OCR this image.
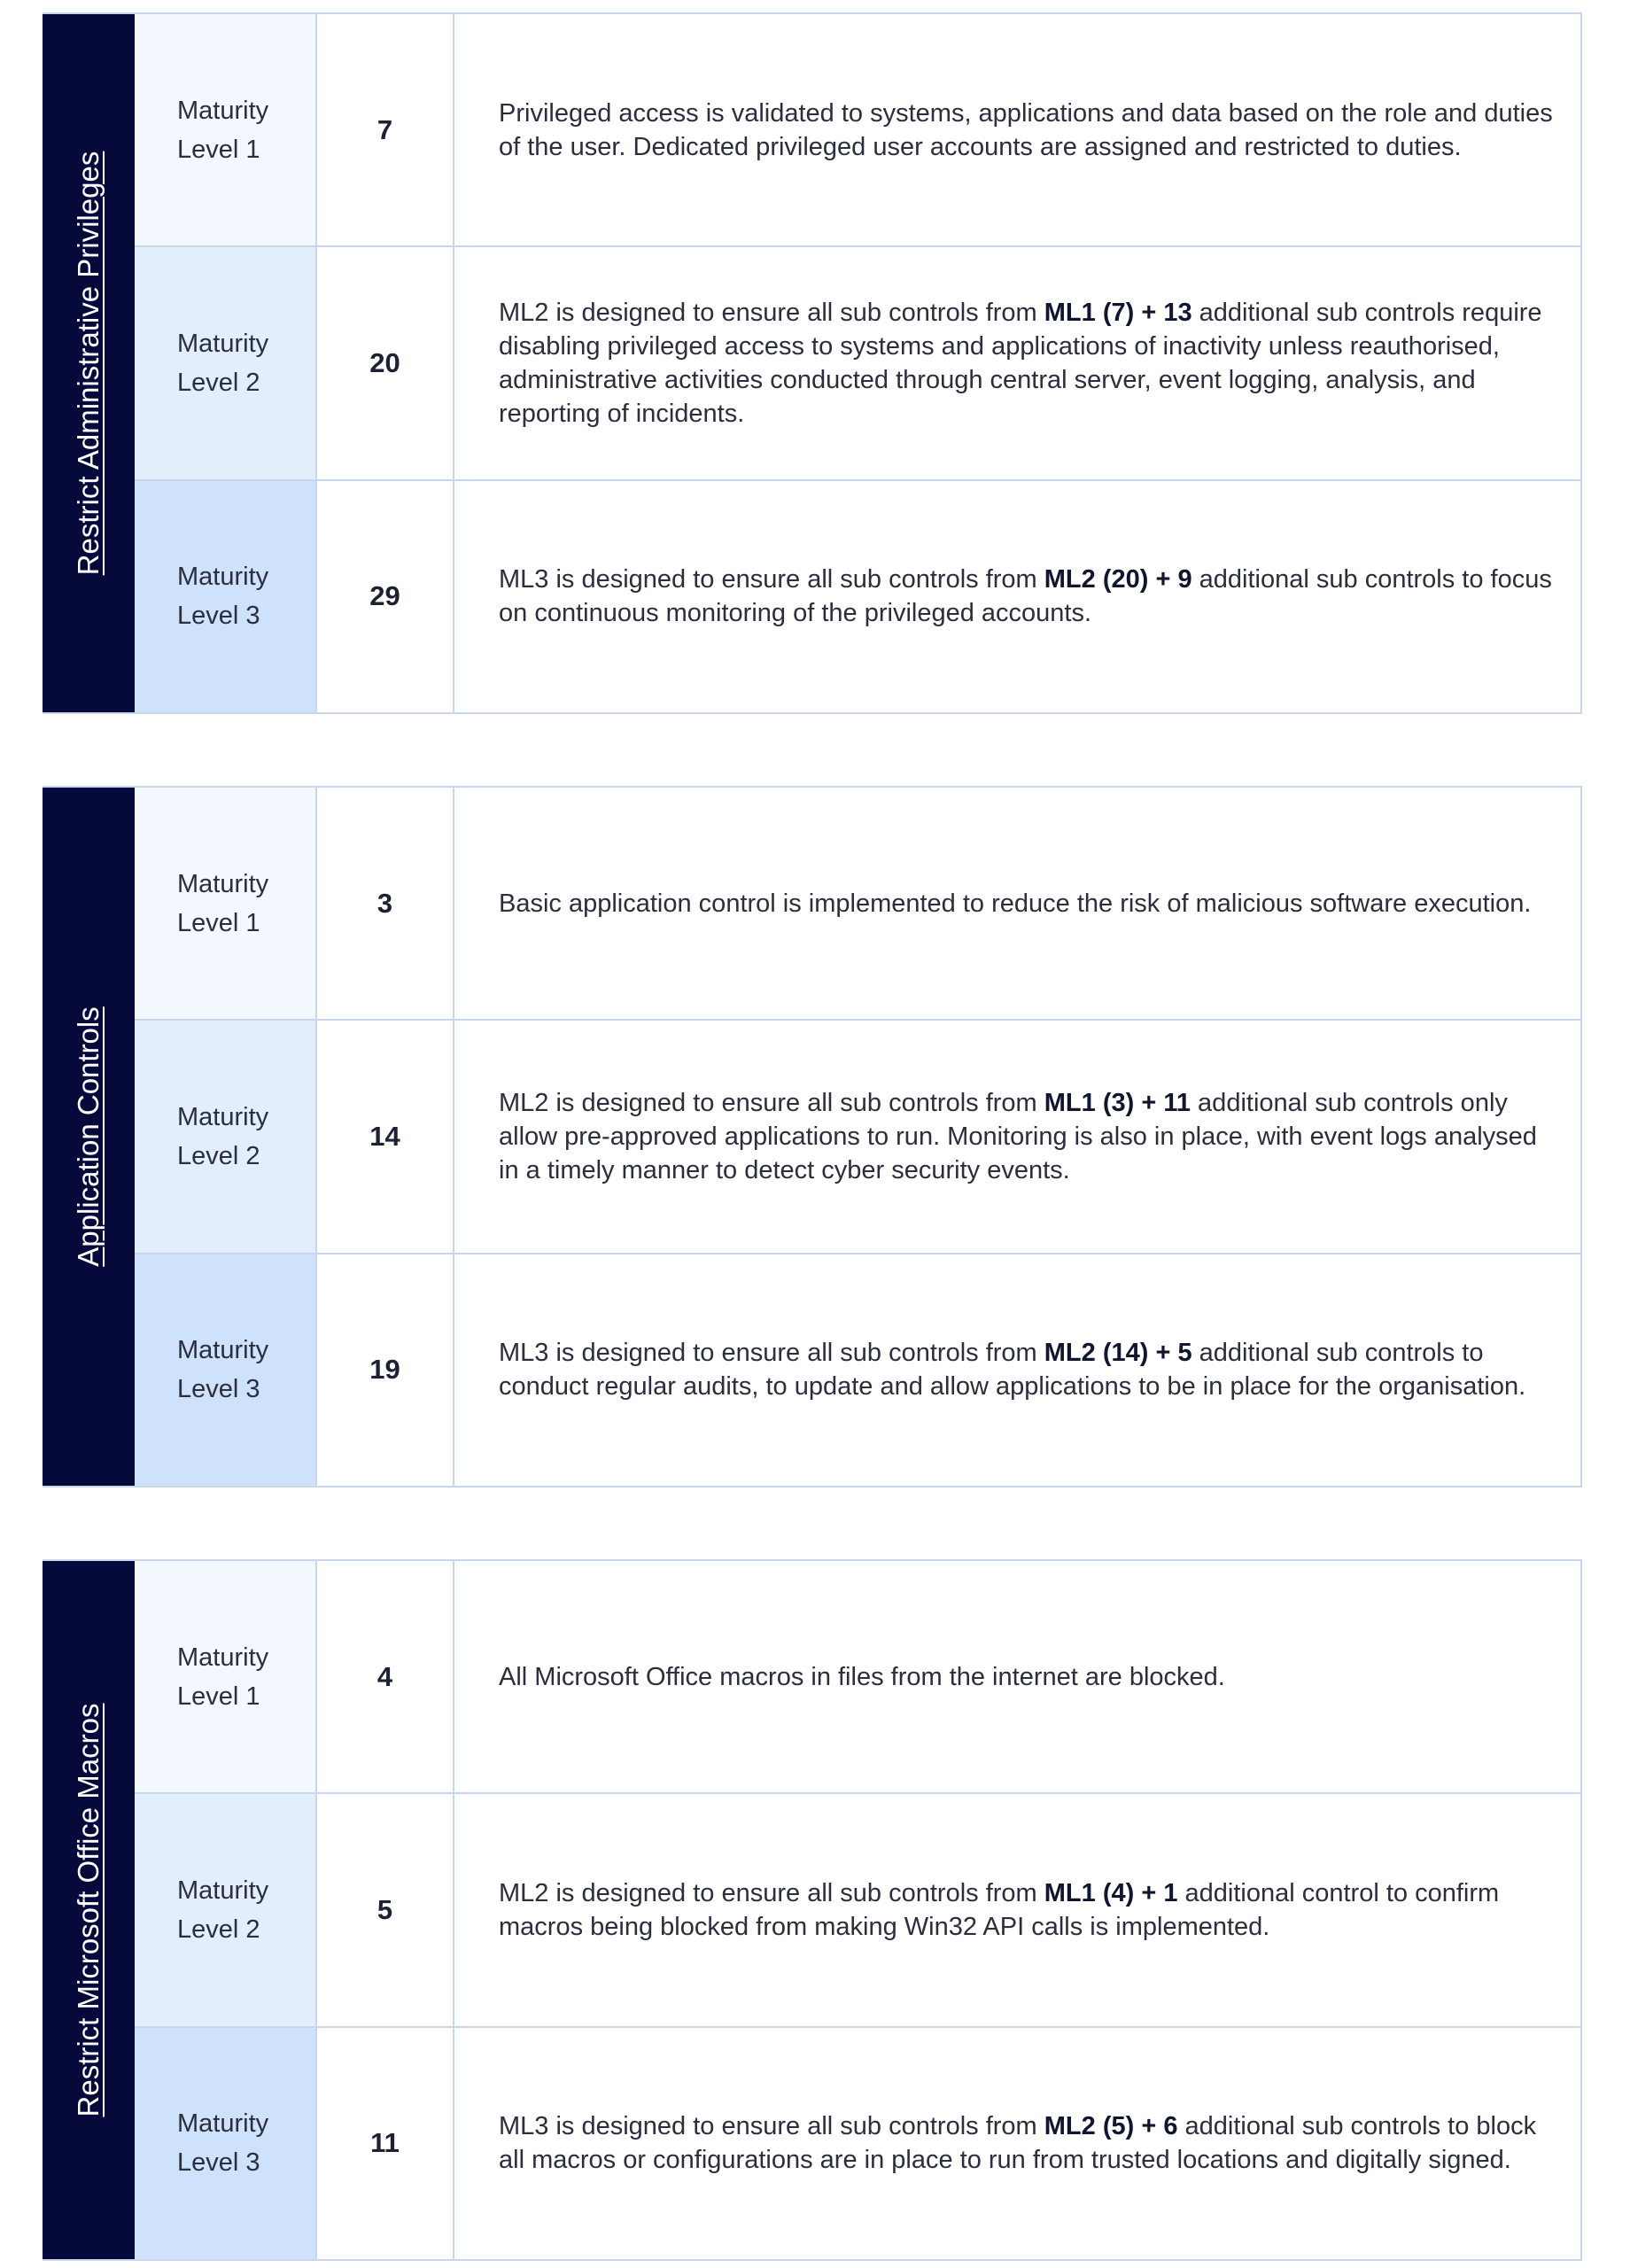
Restrict Administrative Privileges
Maturity
Level 1
7
Privileged access is validated to systems, applications and data based on the role and duties of the user. Dedicated privileged user accounts are assigned and restricted to duties.
Maturity
Level 2
20
ML2 is designed to ensure all sub controls from ML1 (7) + 13 additional sub controls require disabling privileged access to systems and applications of inactivity unless reauthorised, administrative activities conducted through central server, event logging, analysis, and reporting of incidents.
Maturity
Level 3
29
ML3 is designed to ensure all sub controls from ML2 (20) + 9 additional sub controls to focus on continuous monitoring of the privileged accounts.
Application Controls
Maturity
Level 1
3	Basic application control is implemented to reduce the risk of malicious software execution.
Maturity
Level 2
14
ML2 is designed to ensure all sub controls from ML1 (3) + 11 additional sub controls only allow pre-approved applications to run. Monitoring is also in place, with event logs analysed in a timely manner to detect cyber security events.
Maturity
Level 3
19
ML3 is designed to ensure all sub controls from ML2 (14) + 5 additional sub controls to conduct regular audits, to update and allow applications to be in place for the organisation.
Restrict Microsoft Office Macros
Maturity
Level 1
4	All Microsoft Office macros in files from the internet are blocked.
Maturity
Level 2
5
ML2 is designed to ensure all sub controls from ML1 (4) + 1 additional control to confirm macros being blocked from making Win32 API calls is implemented.
Maturity
Level 3
11
ML3 is designed to ensure all sub controls from ML2 (5) + 6 additional sub controls to block all macros or configurations are in place to run from trusted locations and digitally signed.
